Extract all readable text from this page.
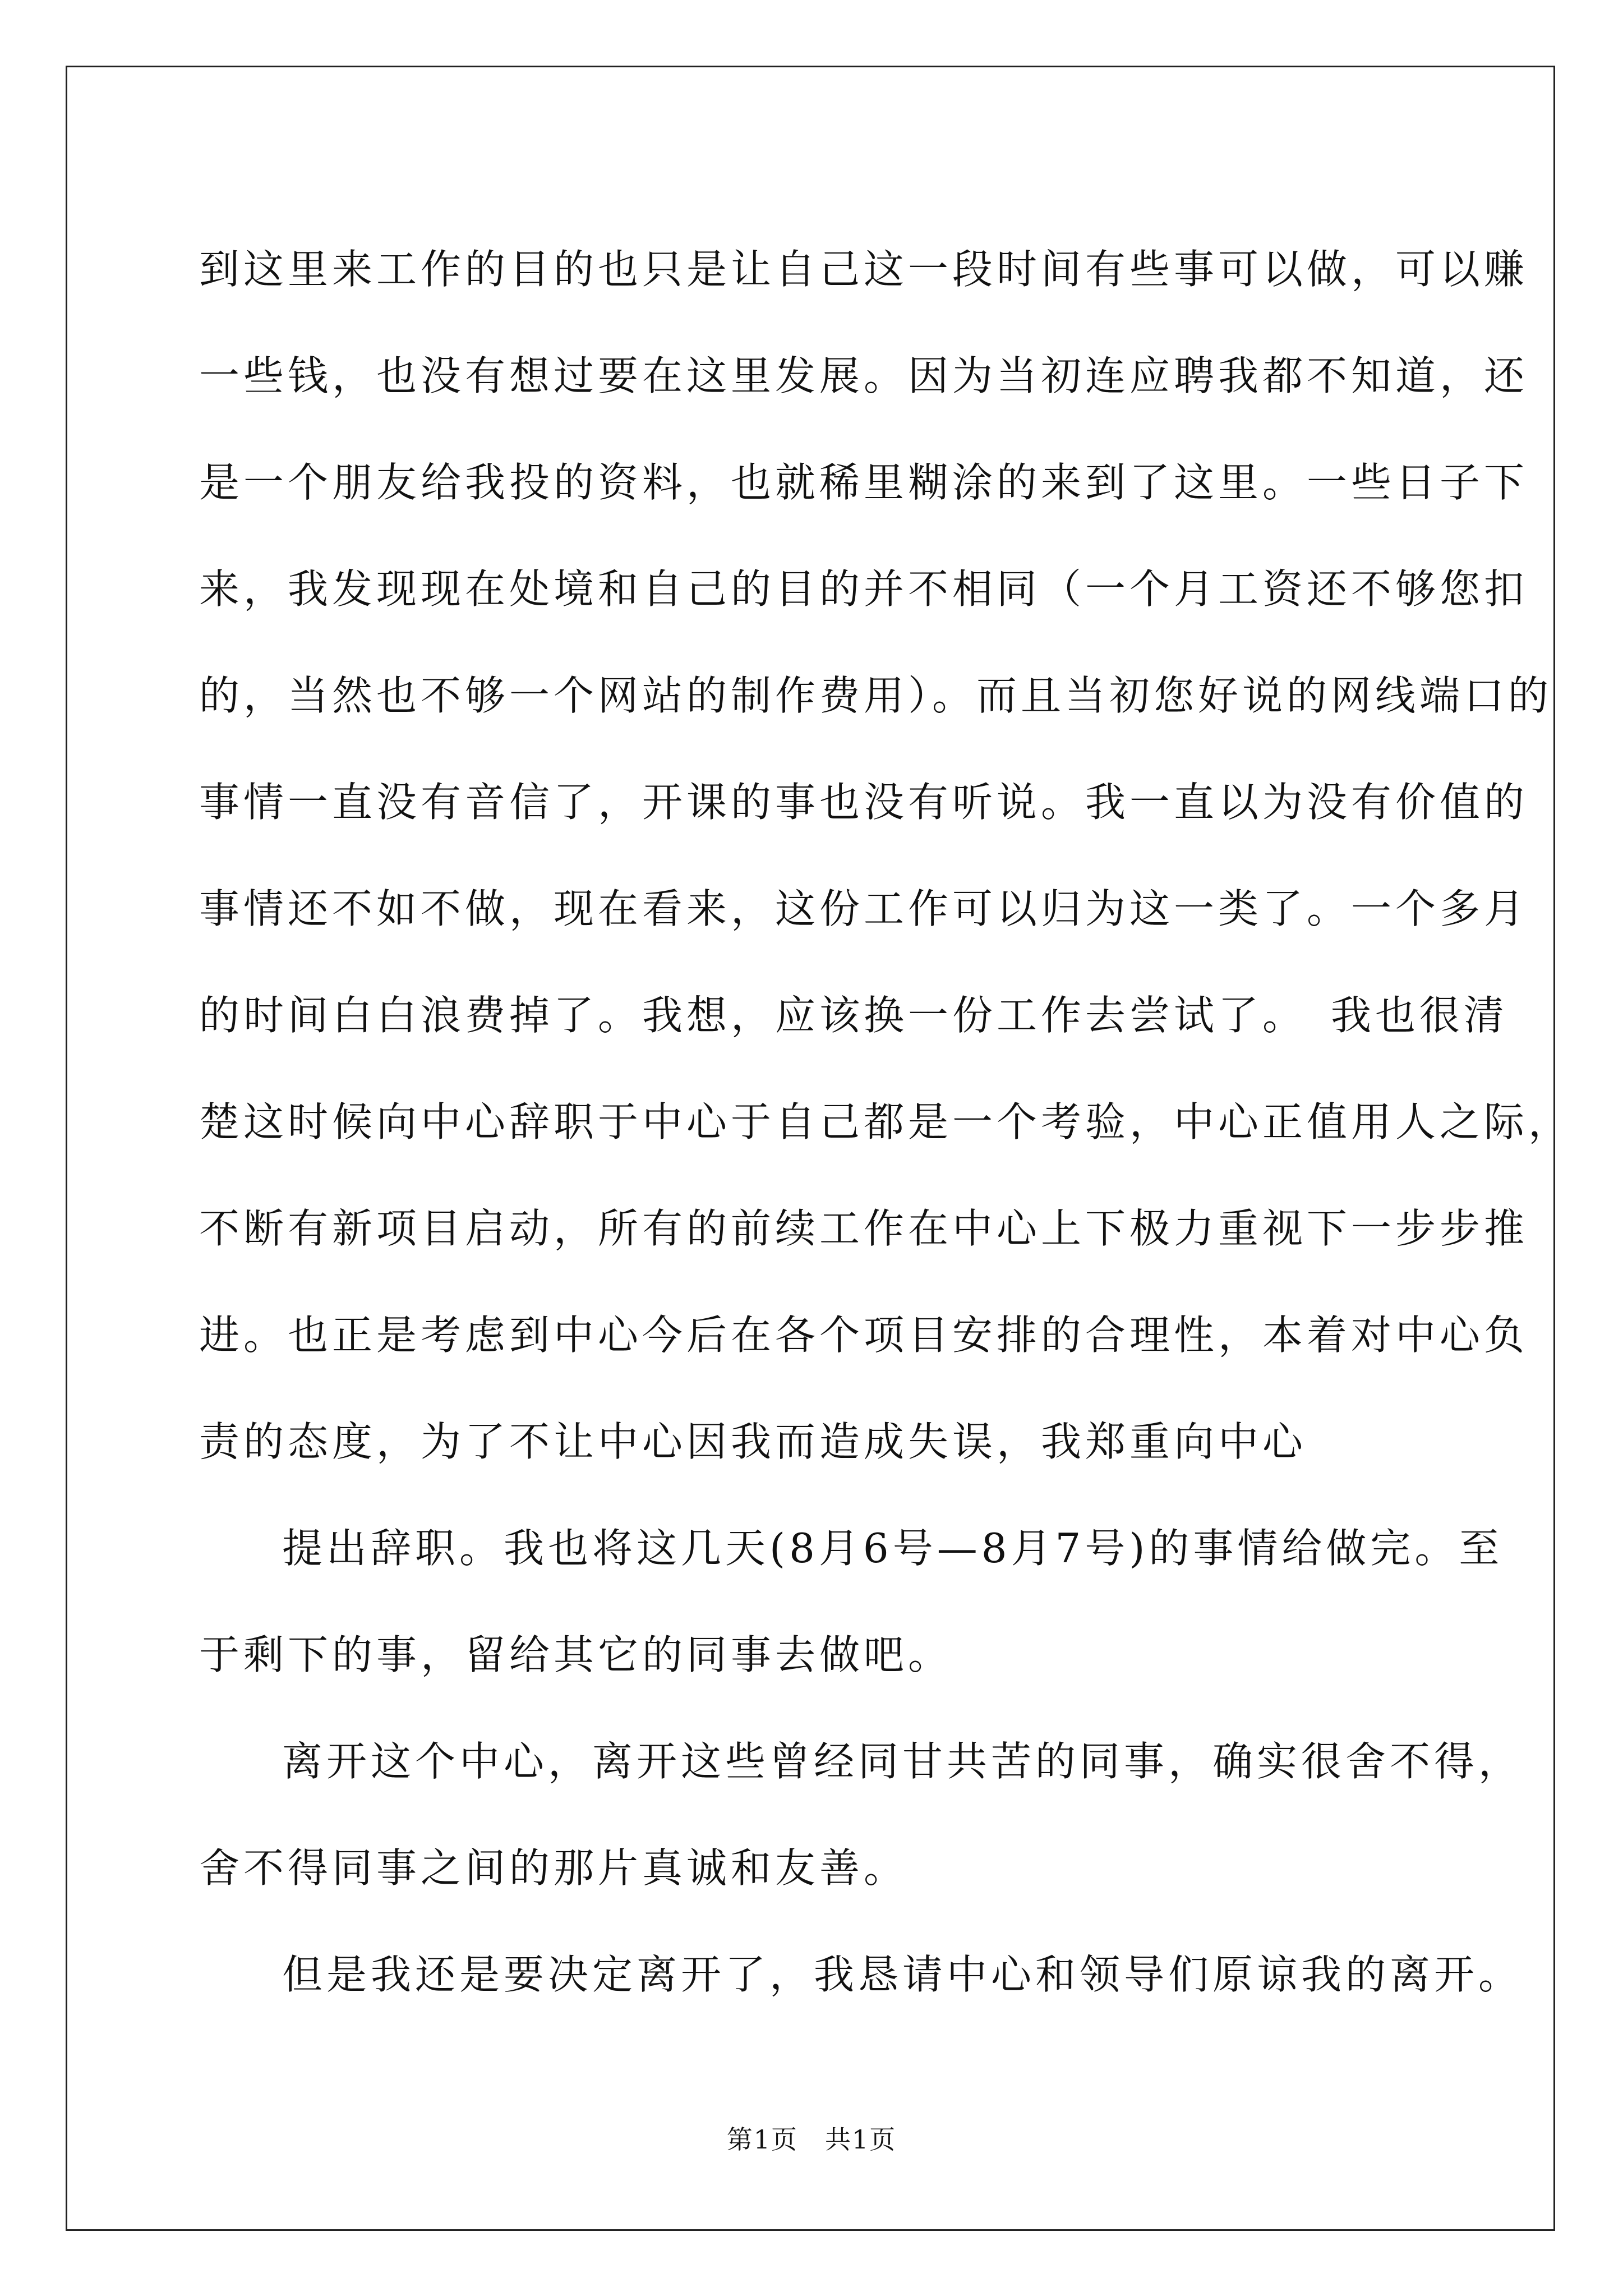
到这里来工作的目的也只是让自己这一段时间有些事可以做，可以赚
一些钱，也没有想过要在这里发展。因为当初连应聘我都不知道，还
是一个朋友给我投的资料，也就稀里糊涂的来到了这里。一些日子下
来，我发现现在处境和自己的目的并不相同（一个月工资还不够您扣
的，当然也不够一个网站的制作费用）。而且当初您好说的网线端口的
事情一直没有音信了，开课的事也没有听说。我一直以为没有价值的
事情还不如不做，现在看来，这份工作可以归为这一类了。一个多月
的时间白白浪费掉了。我想，应该换一份工作去尝试了。　我也很清
楚这时候向中心辞职于中心于自己都是一个考验，中心正值用人之际，
不断有新项目启动，所有的前续工作在中心上下极力重视下一步步推
进。也正是考虑到中心今后在各个项目安排的合理性，本着对中心负
责的态度，为了不让中心因我而造成失误，我郑重向中心
提出辞职。我也将这几天(8月6号—8月7号)的事情给做完。至
于剩下的事，留给其它的同事去做吧。
离开这个中心，离开这些曾经同甘共苦的同事，确实很舍不得，
舍不得同事之间的那片真诚和友善。
但是我还是要决定离开了，我恳请中心和领导们原谅我的离开。
第1页　共1页
